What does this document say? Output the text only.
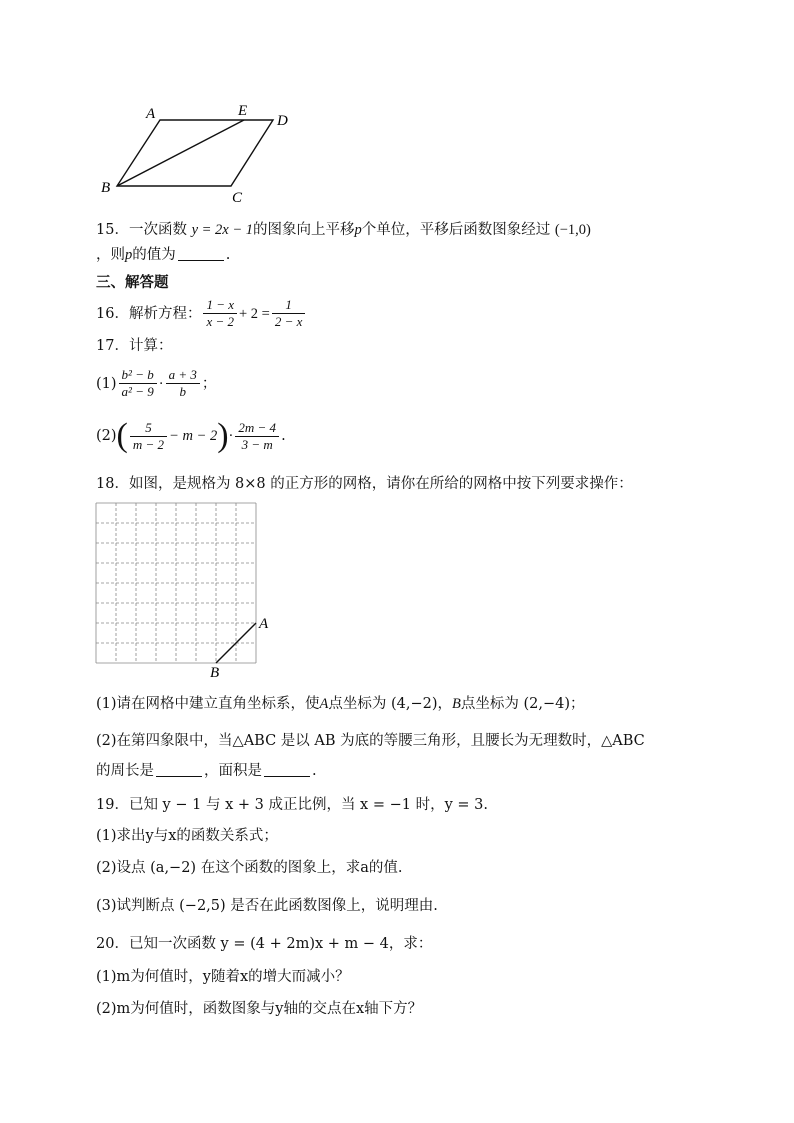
A	E
D
B
C
15．一次函数 y = 2x − 1的图象向上平移p个单位，平移后函数图象经过 (−1,0)
，则p的值为	.
三、解答题
16． 解析方程： $\frac{1 - x}{x - 2} + 2 = \frac{1}{2 - x}$
17．计算：
$(1) \frac{\text{b² − b}}{\text{a² − 9}} \cdot \frac{a + 3}{b}$ ；
(2) ( $\frac{5}{m - 2} - m - 2$ ) · $\frac{2m - 4}{3 - m}$ .
18．如图，是规格为 8×8 的正方形的网格，请你在所给的网格中按下列要求操作：
A
B
(1)请在网格中建立直角坐标系，使A点坐标为 (4,−2)，B点坐标为 (2,−4)；
(2)在第四象限中，当△ABC 是以 AB 为底的等腰三角形，且腰长为无理数时，△ABC
的周长是	，面积是	.
19．已知 y − 1 与 x + 3 成正比例，当 x = −1 时，y = 3.
(1)求出y与x的函数关系式；
(2)设点 (a,−2) 在这个函数的图象上，求a的值.
(3)试判断点 (−2,5) 是否在此函数图像上，说明理由.
20．已知一次函数 y = (4 + 2m)x + m − 4，求：
(1)m为何值时，y随着x的增大而减小？
(2)m为何值时，函数图象与y轴的交点在x轴下方？
